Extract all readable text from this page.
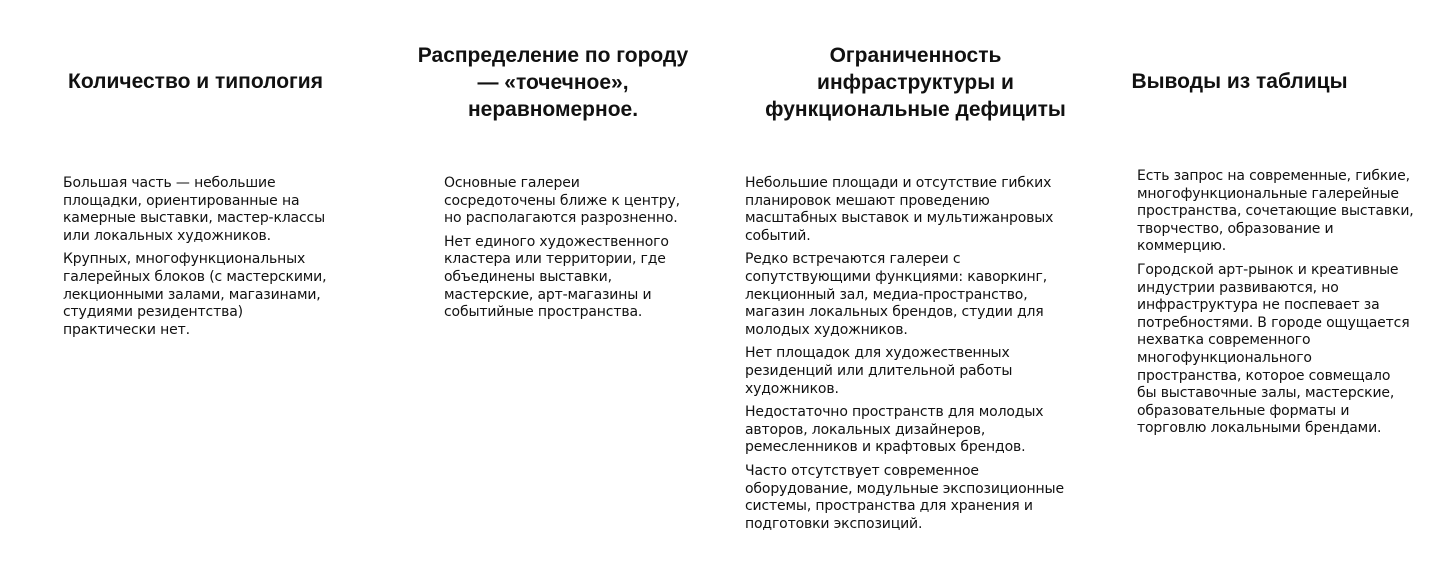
Количество и типология

Большая часть — небольшие
площадки, ориентированные на
камерные выставки, мастер-классы
или локальных художников.

Крупных, многофункциональных
галерейных блоков (с мастерскими,
лекционными залами, магазинами,
студиями резидентства)
практически нет.

Распределение по городу
— «точечное»,
неравномерное.

Основные галереи
сосредоточены ближе к центру,
но располагаются разрозненно.

Нет единого художественного
кластера или территории, где
объединены выставки,
мастерские, арт-магазины и
событийные пространства.

Ограниченность
инфраструктуры и
функциональные дефициты

Небольшие площади и отсутствие гибких
планировок мешают проведению
масштабных выставок и мультижанровых
событий.

Редко встречаются галереи с
сопутствующими функциями: каворкинг,
лекционный зал, медиа-пространство,
магазин локальных брендов, студии для
молодых художников.

Нет площадок для художественных
резиденций или длительной работы
художников.

Недостаточно пространств для молодых
авторов, локальных дизайнеров,
ремесленников и крафтовых брендов.

Часто отсутствует современное
оборудование, модульные экспозиционные
системы, пространства для хранения и
подготовки экспозиций.

Выводы из таблицы

Есть запрос на современные, гибкие,
многофункциональные галерейные
пространства, сочетающие выставки,
творчество, образование и
коммерцию.

Городской арт-рынок и креативные
индустрии развиваются, но
инфраструктура не поспевает за
потребностями. В городе ощущается
нехватка современного
многофункционального
пространства, которое совмещало
бы выставочные залы, мастерские,
образовательные форматы и
торговлю локальными брендами.
